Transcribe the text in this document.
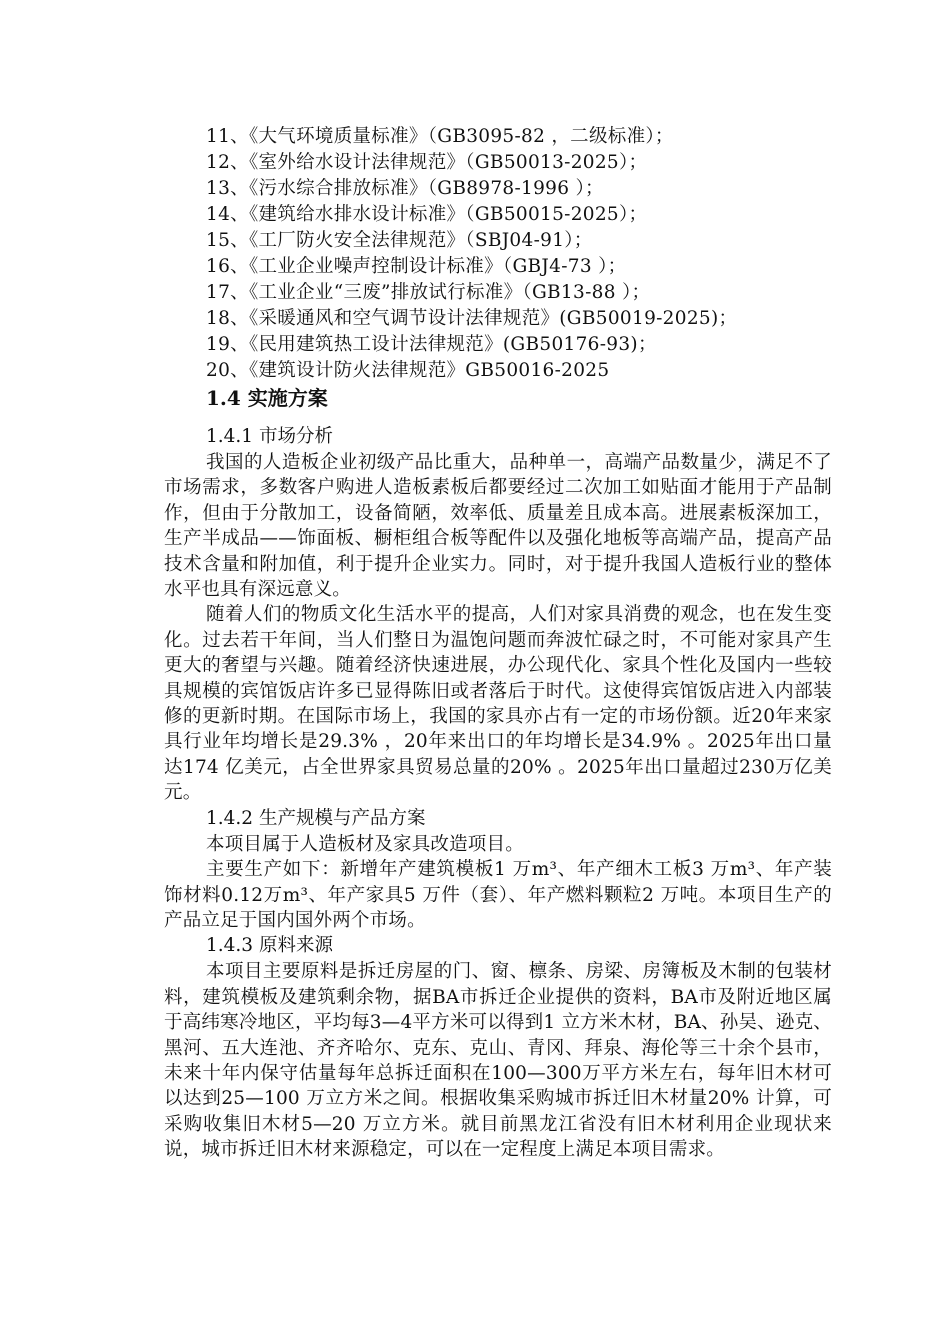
11、《大气环境质量标准》（GB3095-82 ，二级标准）；
12、《室外给水设计法律规范》（GB50013-2025）；
13、《污水综合排放标准》（GB8978-1996 ）；
14、《建筑给水排水设计标准》（GB50015-2025）；
15、《工厂防火安全法律规范》（SBJ04-91）；
16、《工业企业噪声控制设计标准》（GBJ4-73 ）；
17、《工业企业“三废”排放试行标准》（GB13-88 ）；
18、《采暖通风和空气调节设计法律规范》(GB50019-2025)；
19、《民用建筑热工设计法律规范》(GB50176-93)；
20、《建筑设计防火法律规范》GB50016-2025
1.4 实施方案
1.4.1 市场分析

我国的人造板企业初级产品比重大，品种单一，高端产品数量少，满足不了市场需求，多数客户购进人造板素板后都要经过二次加工如贴面才能用于产品制作，但由于分散加工，设备简陋，效率低、质量差且成本高。进展素板深加工，生产半成品——饰面板、橱柜组合板等配件以及强化地板等高端产品，提高产品技术含量和附加值，利于提升企业实力。同时，对于提升我国人造板行业的整体水平也具有深远意义。

随着人们的物质文化生活水平的提高，人们对家具消费的观念，也在发生变化。过去若干年间，当人们整日为温饱问题而奔波忙碌之时，不可能对家具产生更大的奢望与兴趣。随着经济快速进展，办公现代化、家具个性化及国内一些较具规模的宾馆饭店许多已显得陈旧或者落后于时代。这使得宾馆饭店进入内部装修的更新时期。在国际市场上，我国的家具亦占有一定的市场份额。近20年来家具行业年均增长是29.3% ，20年来出口的年均增长是34.9% 。2025年出口量达174 亿美元，占全世界家具贸易总量的20% 。2025年出口量超过230万亿美元。

1.4.2 生产规模与产品方案

本项目属于人造板材及家具改造项目。

主要生产如下：新增年产建筑模板1 万m³、年产细木工板3 万m³、年产装饰材料0.12万m³、年产家具5 万件（套）、年产燃料颗粒2 万吨。本项目生产的产品立足于国内国外两个市场。

1.4.3 原料来源

本项目主要原料是拆迁房屋的门、窗、檩条、房梁、房簿板及木制的包装材料，建筑模板及建筑剩余物，据BA市拆迁企业提供的资料，BA市及附近地区属于高纬寒冷地区，平均每3—4平方米可以得到1 立方米木材，BA、孙吴、逊克、黑河、五大连池、齐齐哈尔、克东、克山、青冈、拜泉、海伦等三十余个县市，未来十年内保守估量每年总拆迁面积在100—300万平方米左右，每年旧木材可以达到25—100 万立方米之间。根据收集采购城市拆迁旧木材量20% 计算，可采购收集旧木材5—20 万立方米。就目前黑龙江省没有旧木材利用企业现状来说，城市拆迁旧木材来源稳定，可以在一定程度上满足本项目需求。
